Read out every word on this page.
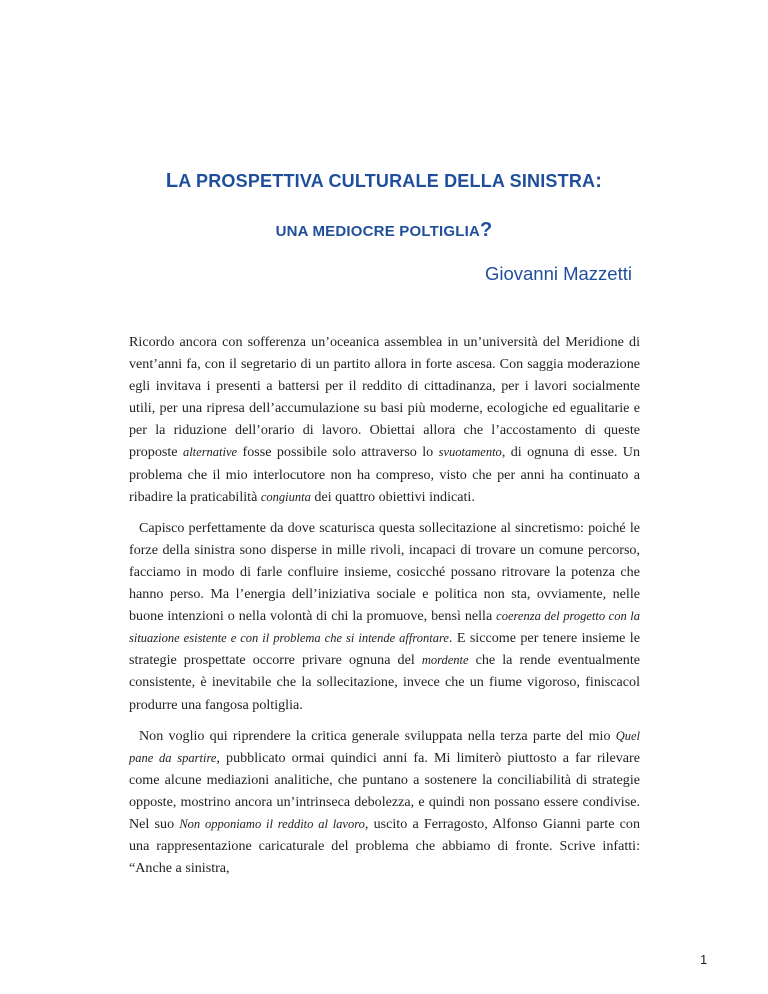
LA PROSPETTIVA CULTURALE DELLA SINISTRA:
UNA MEDIOCRE POLTIGLIA?
Giovanni Mazzetti

Ricordo ancora con sofferenza un’oceanica assemblea in un’università del Meridione di vent’anni fa, con il segretario di un partito allora in forte ascesa. Con saggia moderazione egli invitava i presenti a battersi per il reddito di cittadinanza, per i lavori socialmente utili, per una ripresa dell’accumulazione su basi più moderne, ecologiche ed egualitarie e per la riduzione dell’orario di lavoro. Obiettai allora che l’accostamento di queste proposte alternative fosse possibile solo attraverso lo svuotamento, di ognuna di esse. Un problema che il mio interlocutore non ha compreso, visto che per anni ha continuato a ribadire la praticabilità congiunta dei quattro obiettivi indicati.

Capisco perfettamente da dove scaturisca questa sollecitazione al sincretismo: poiché le forze della sinistra sono disperse in mille rivoli, incapaci di trovare un comune percorso, facciamo in modo di farle confluire insieme, cosicché possano ritrovare la potenza che hanno perso. Ma l’energia dell’iniziativa sociale e politica non sta, ovviamente, nelle buone intenzioni o nella volontà di chi la promuove, bensì nella coerenza del progetto con la situazione esistente e con il problema che si intende affrontare. E siccome per tenere insieme le strategie prospettate occorre privare ognuna del mordente che la rende eventualmente consistente, è inevitabile che la sollecitazione, invece che un fiume vigoroso, finiscacol produrre una fangosa poltiglia.

Non voglio qui riprendere la critica generale sviluppata nella terza parte del mio Quel pane da spartire, pubblicato ormai quindici anni fa. Mi limiterò piuttosto a far rilevare come alcune mediazioni analitiche, che puntano a sostenere la conciliabilità di strategie opposte, mostrino ancora un’intrinseca debolezza, e quindi non possano essere condivise. Nel suo Non opponiamo il reddito al lavoro, uscito a Ferragosto, Alfonso Gianni parte con una rappresentazione caricaturale del problema che abbiamo di fronte. Scrive infatti: “Anche a sinistra,

1
